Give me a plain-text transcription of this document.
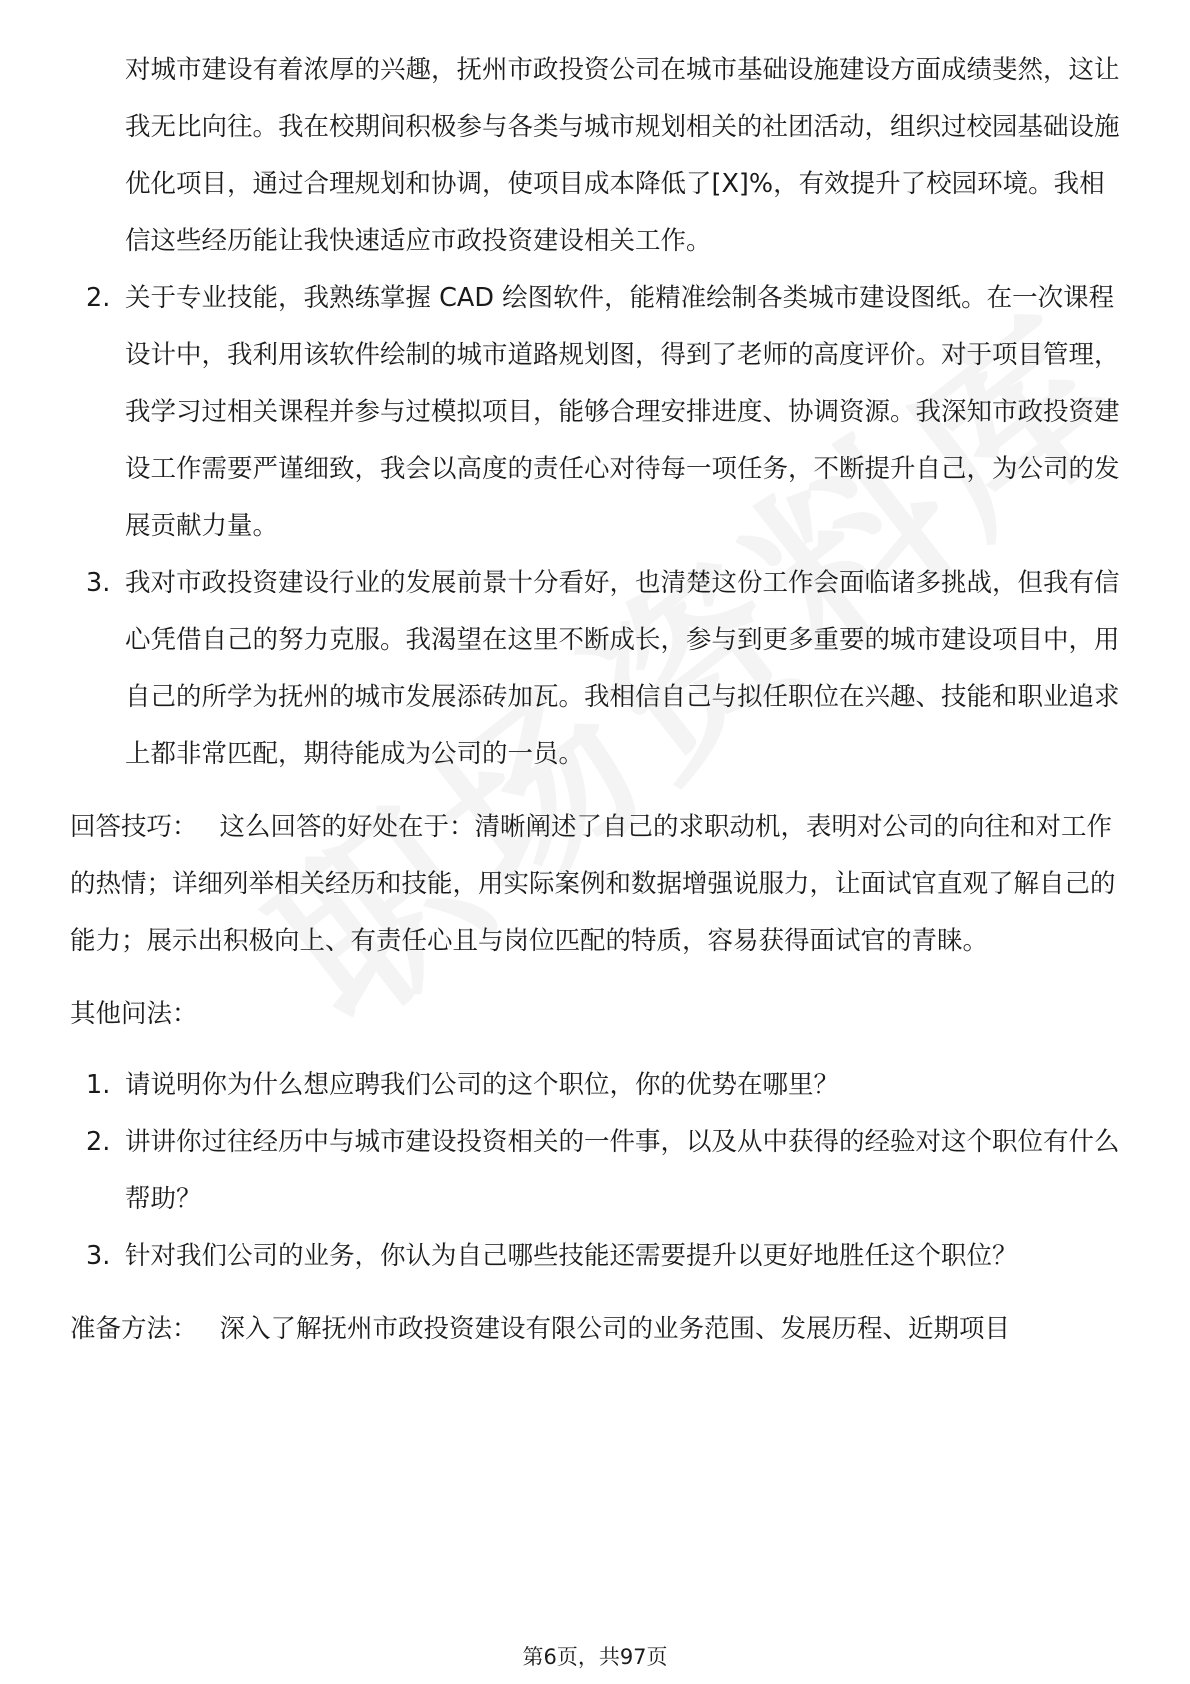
对城市建设有着浓厚的兴趣，抚州市政投资公司在城市基础设施建设方面成绩斐然，这让我无比向往。我在校期间积极参与各类与城市规划相关的社团活动，组织过校园基础设施优化项目，通过合理规划和协调，使项目成本降低了[X]%，有效提升了校园环境。我相信这些经历能让我快速适应市政投资建设相关工作。

2. 关于专业技能，我熟练掌握 CAD 绘图软件，能精准绘制各类城市建设图纸。在一次课程设计中，我利用该软件绘制的城市道路规划图，得到了老师的高度评价。对于项目管理，我学习过相关课程并参与过模拟项目，能够合理安排进度、协调资源。我深知市政投资建设工作需要严谨细致，我会以高度的责任心对待每一项任务，不断提升自己，为公司的发展贡献力量。
3. 我对市政投资建设行业的发展前景十分看好，也清楚这份工作会面临诸多挑战，但我有信心凭借自己的努力克服。我渴望在这里不断成长，参与到更多重要的城市建设项目中，用自己的所学为抚州的城市发展添砖加瓦。我相信自己与拟任职位在兴趣、技能和职业追求上都非常匹配，期待能成为公司的一员。

回答技巧： 这么回答的好处在于：清晰阐述了自己的求职动机，表明对公司的向往和对工作的热情；详细列举相关经历和技能，用实际案例和数据增强说服力，让面试官直观了解自己的能力；展示出积极向上、有责任心且与岗位匹配的特质，容易获得面试官的青睐。

其他问法：

1. 请说明你为什么想应聘我们公司的这个职位，你的优势在哪里？
2. 讲讲你过往经历中与城市建设投资相关的一件事，以及从中获得的经验对这个职位有什么帮助？
3. 针对我们公司的业务，你认为自己哪些技能还需要提升以更好地胜任这个职位？

准备方法： 深入了解抚州市政投资建设有限公司的业务范围、发展历程、近期项目

第6页，共97页
